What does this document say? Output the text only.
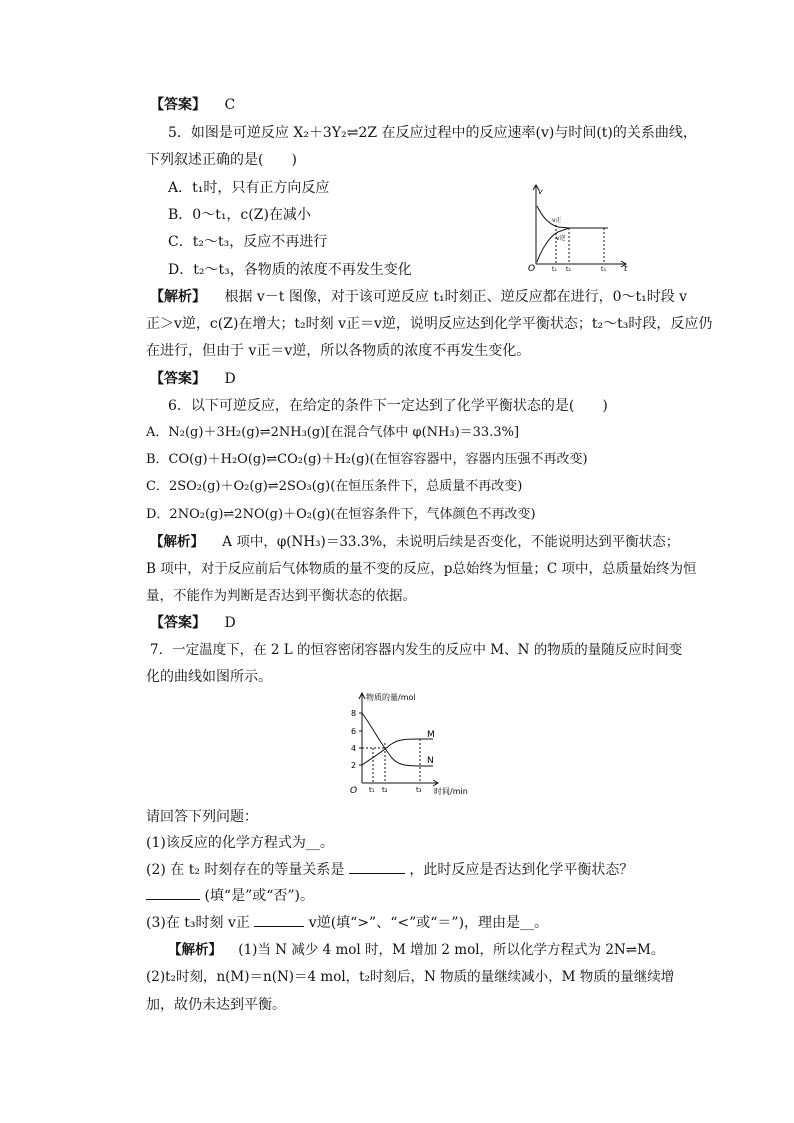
【答案】 C
5．如图是可逆反应 X₂＋3Y₂⇌2Z 在反应过程中的反应速率(v)与时间(t)的关系曲线，
下列叙述正确的是(　　)
A．t₁时，只有正方向反应
B．0～t₁，c(Z)在减小
C．t₂～t₃，反应不再进行
D．t₂～t₃，各物质的浓度不再发生变化
v
t
O
v正
v逆
t₁ t₂	t₃
【解析】 根据 v－t 图像，对于该可逆反应 t₁时刻正、逆反应都在进行，0～t₁时段 v
正＞v逆，c(Z)在增大；t₂时刻 v正＝v逆，说明反应达到化学平衡状态；t₂～t₃时段，反应仍
在进行，但由于 v正＝v逆，所以各物质的浓度不再发生变化。
【答案】 D
6．以下可逆反应，在给定的条件下一定达到了化学平衡状态的是(　　)
A．N₂(g)＋3H₂(g)⇌2NH₃(g)[在混合气体中 φ(NH₃)＝33.3%]
B．CO(g)＋H₂O(g)⇌CO₂(g)＋H₂(g)(在恒容容器中，容器内压强不再改变)
C．2SO₂(g)＋O₂(g)⇌2SO₃(g)(在恒压条件下，总质量不再改变)
D．2NO₂(g)⇌2NO(g)＋O₂(g)(在恒容条件下，气体颜色不再改变)
【解析】 A 项中，φ(NH₃)＝33.3%，未说明后续是否变化，不能说明达到平衡状态；
B 项中，对于反应前后气体物质的量不变的反应，p总始终为恒量；C 项中，总质量始终为恒
量，不能作为判断是否达到平衡状态的依据。
【答案】 D
7．一定温度下，在 2 L 的恒容密闭容器内发生的反应中 M、N 的物质的量随反应时间变
化的曲线如图所示。
物质的量/mol
时间/min
O
8
6
4
2
t₁ t₂	t₃
M
N
请回答下列问题：
(1)该反应的化学方程式为__。
(2) 在 t₂ 时刻存在的等量关系是	，此时反应是否达到化学平衡状态？
(填“是”或“否”)。
(3)在 t₃时刻 v正	v逆(填“>”、“<”或“＝”)，理由是__。
【解析】 (1)当 N 减少 4 mol 时，M 增加 2 mol，所以化学方程式为 2N⇌M。
(2)t₂时刻，n(M)＝n(N)＝4 mol，t₂时刻后，N 物质的量继续减小，M 物质的量继续增
加，故仍未达到平衡。
